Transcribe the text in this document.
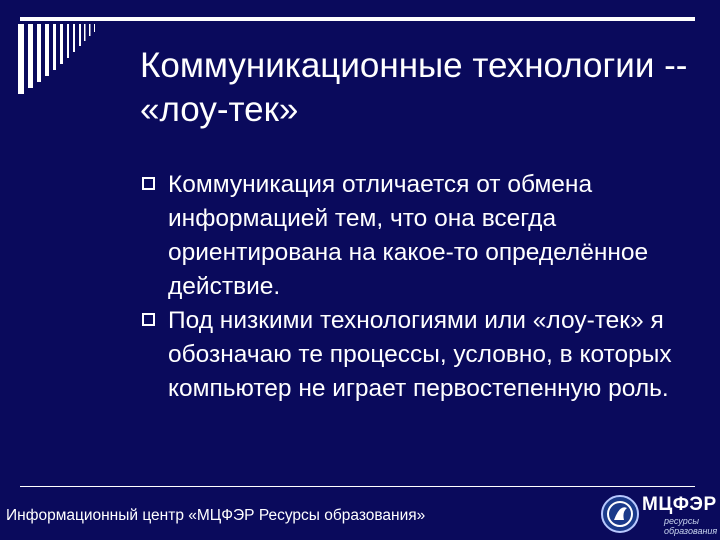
Коммуникационные технологии -- «лоу-тек»
Коммуникация отличается от обмена информацией тем, что она всегда ориентирована на какое-то определённое действие.
Под низкими технологиями или «лоу-тек» я обозначаю те процессы, условно, в которых компьютер не играет первостепенную роль.
Информационный центр «МЦФЭР Ресурсы образования»
МЦФЭР
ресурсы образования
